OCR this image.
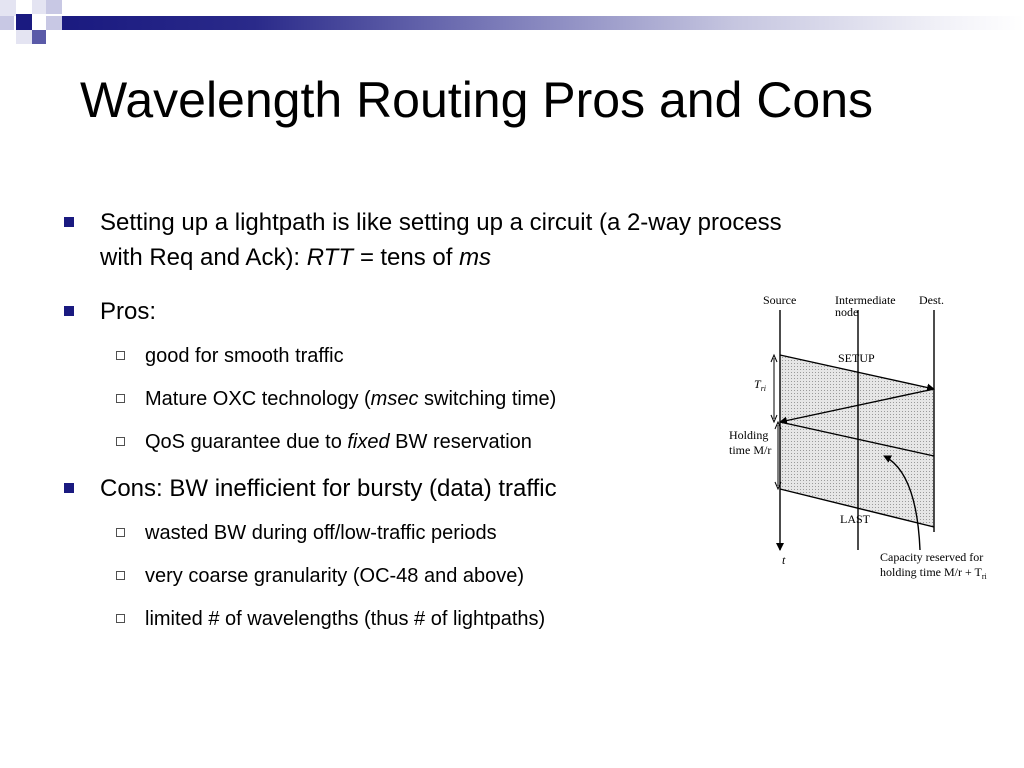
Wavelength Routing Pros and Cons
Setting up a lightpath is like setting up a circuit (a 2-way process
with Req and Ack): RTT = tens of ms
Pros:
good for smooth traffic
Mature OXC technology (msec switching time)
QoS guarantee due to fixed BW reservation
Cons: BW inefficient for bursty (data) traffic
wasted BW during off/low-traffic periods
very coarse granularity (OC-48 and above)
limited # of wavelengths (thus # of lightpaths)
Source	Intermediate
node
Dest.
SETUP
LAST
$T_{ri}$
Holding
time M/r
t	Capacity reserved for
holding time $M/r + T_{ri}$
